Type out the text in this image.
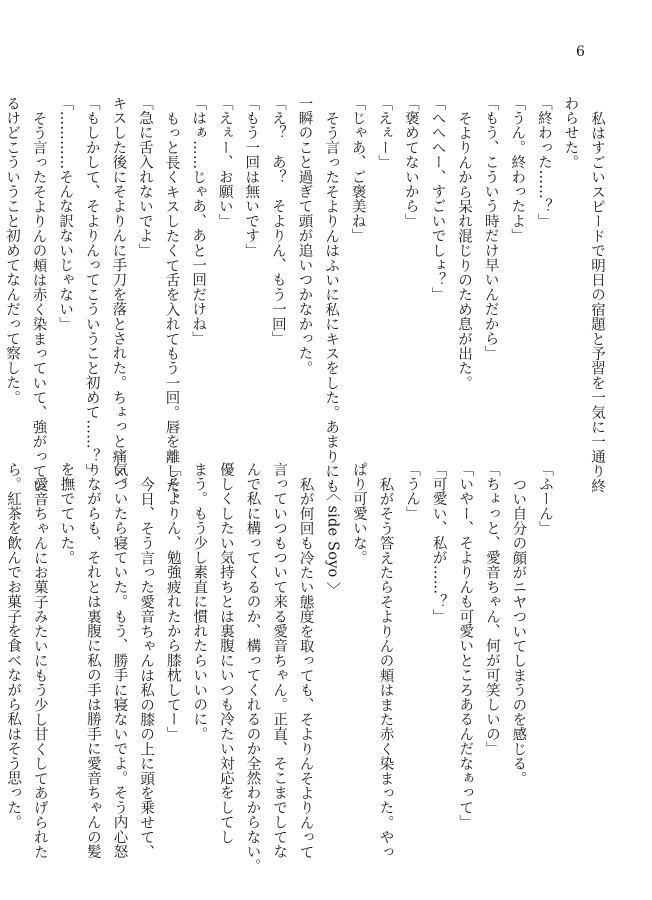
6

私はすごいスピードで明日の宿題と予習を一気に一通り終

わらせた。

「終わった……？」

「うん。終わったよ」

「もう、こういう時だけ早いんだから」

そよりんから呆れ混じりのため息が出た。

「へへへー、すごいでしょ？」

「褒めてないから」

「えぇー」

「じゃあ、ご褒美ね」

そう言ったそよりんはふいに私にキスをした。あまりにも

一瞬のこと過ぎて頭が追いつかなかった。

「え？　あ？　そよりん、もう一回」

「もう一回は無いです」

「えぇー、お願い」

「はぁ……じゃあ、あと一回だけね」

もっと長くキスしたくて舌を入れてもう一回。唇を離した。

「急に舌入れないでよ」

キスした後にそよりんに手刀を落とされた。ちょっと痛い。

「もしかして、そよりんってこういうこと初めて……？」

「…………そんな訳ないじゃない」

そう言ったそよりんの頬は赤く染まっていて、強がってい

るけどこういうこと初めてなんだって察した。

「ふーん」

つい自分の顔がニヤついてしまうのを感じる。

「ちょっと、愛音ちゃん、何が可笑しいの」

「いやー、そよりんも可愛いところあるんだなぁって」

「可愛い、私が……？」

「うん」

私がそう答えたらそよりんの頬はまた赤く染まった。やっ

ぱり可愛いな。

〈 side Soyo 〉

私が何回も冷たい態度を取っても、そよりんそよりんって

言っていつもついて来る愛音ちゃん。正直、そこまでしてな

んで私に構ってくるのか、構ってくれるのか全然わからない。

優しくしたい気持ちとは裏腹にいつも冷たい対応をしてし

まう。もう少し素直に慣れたらいいのに。

「そよりん、勉強疲れたから膝枕してー」

今日、そう言った愛音ちゃんは私の膝の上に頭を乗せて、

気づいたら寝ていた。もう、勝手に寝ないでよ。そう内心怒

りながらも、それとは裏腹に私の手は勝手に愛音ちゃんの髪

を撫でていた。

愛音ちゃんにお菓子みたいにもう少し甘くしてあげられた

ら。紅茶を飲んでお菓子を食べながら私はそう思った。
